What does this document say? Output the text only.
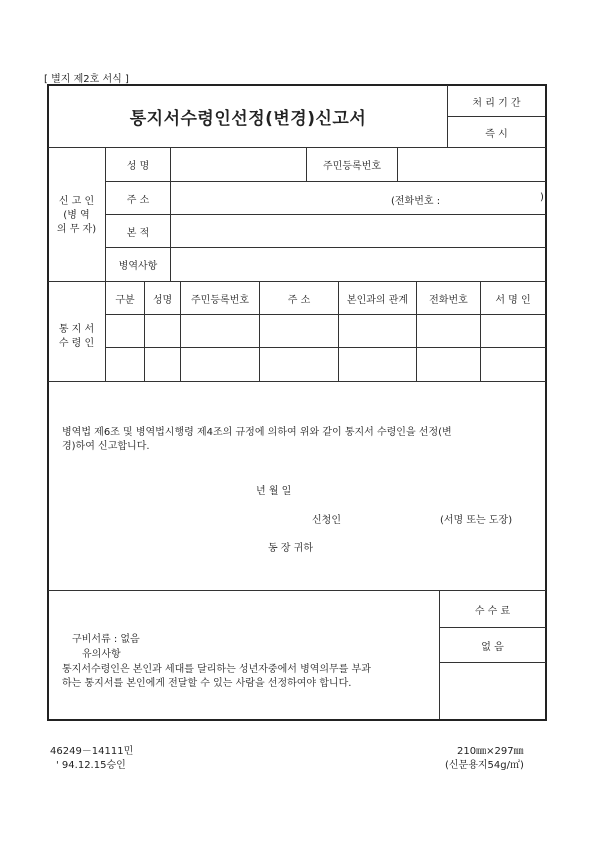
[ 별지 제2호 서식 ]
통지서수령인선정(변경)신고서
처 리 기 간
즉 시
신 고 인
(병 역
의 무 자)
성 명	주민등록번호
주 소	(전화번호 :	)
본 적
병역사항
통 지 서
수 령 인
구분	성명	주민등록번호	주 소	본인과의 관계	전화번호	서 명 인
병역법 제6조 및 병역법시행령 제4조의 규정에 의하여 위와 같이 통지서 수령인을 선정(변
경)하여 신고합니다.
년 월 일
신청인	(서명 또는 도장)
동 장 귀하
수 수 료
없 음
구비서류 : 없음
유의사항
통지서수령인은 본인과 세대를 달리하는 성년자중에서 병역의무를 부과
하는 통지서를 본인에게 전달할 수 있는 사람을 선정하여야 합니다.
46249－14111민
' 94.12.15승인
210㎜×297㎜
(신문용지54g/㎡)
